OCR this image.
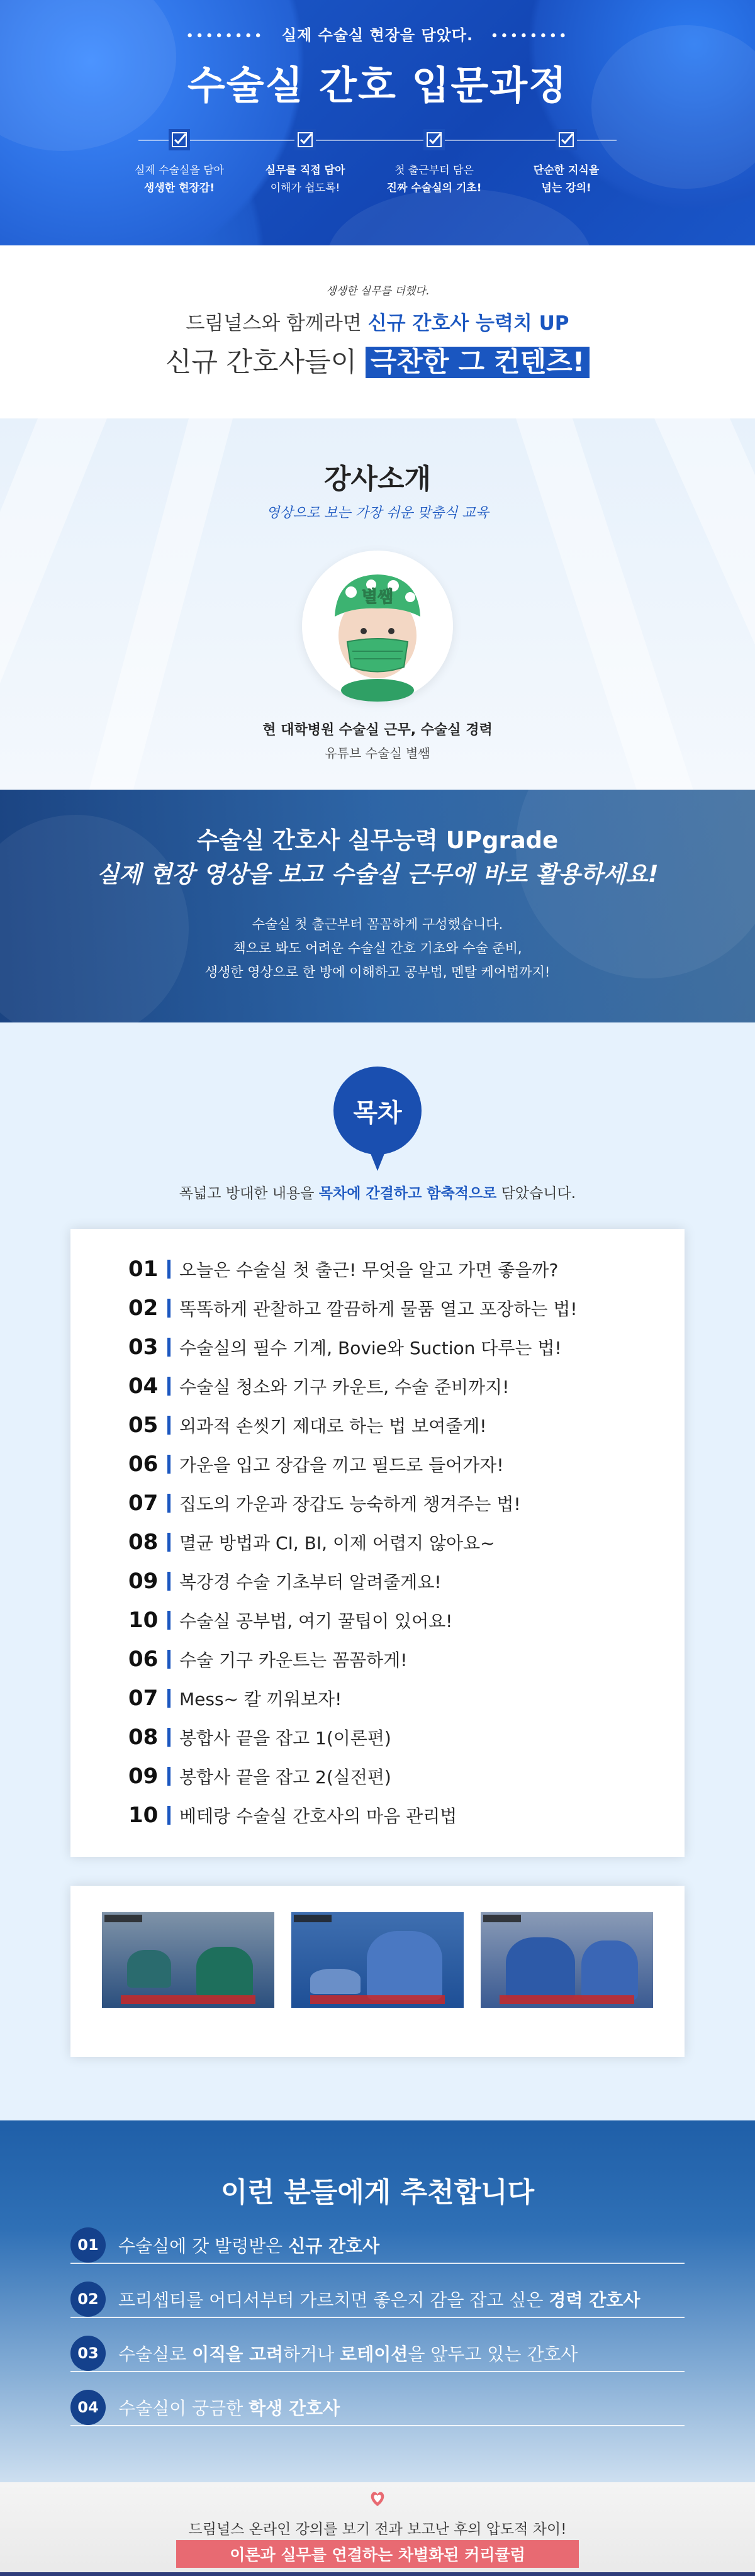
•••••••• 실제 수술실 현장을 담았다. ••••••••
수술실 간호 입문과정
실제 수술실을 담아
생생한 현장감!
실무를 직접 담아
이해가 쉽도록!
첫 출근부터 담은
진짜 수술실의 기초!
단순한 지식을
넘는 강의!
생생한 실무를 더했다.
드림널스와 함께라면 신규 간호사 능력치 UP
신규 간호사들이 극찬한 그 컨텐츠!
강사소개
영상으로 보는 가장 쉬운 맞춤식 교육
별쌤
현 대학병원 수술실 근무, 수술실 경력
유튜브 수술실 별쌤
수술실 간호사 실무능력 UPgrade
실제 현장 영상을 보고 수술실 근무에 바로 활용하세요!
수술실 첫 출근부터 꼼꼼하게 구성했습니다.
책으로 봐도 어려운 수술실 간호 기초와 수술 준비,
생생한 영상으로 한 방에 이해하고 공부법, 멘탈 케어법까지!
목차
폭넓고 방대한 내용을 목차에 간결하고 함축적으로 담았습니다.
01	오늘은 수술실 첫 출근! 무엇을 알고 가면 좋을까?
02	똑똑하게 관찰하고 깔끔하게 물품 열고 포장하는 법!
03	수술실의 필수 기계, Bovie와 Suction 다루는 법!
04	수술실 청소와 기구 카운트, 수술 준비까지!
05	외과적 손씻기 제대로 하는 법 보여줄게!
06	가운을 입고 장갑을 끼고 필드로 들어가자!
07	집도의 가운과 장갑도 능숙하게 챙겨주는 법!
08	멸균 방법과 CI, BI, 이제 어렵지 않아요~
09	복강경 수술 기초부터 알려줄게요!
10	수술실 공부법, 여기 꿀팁이 있어요!
06	수술 기구 카운트는 꼼꼼하게!
07	Mess~ 칼 끼워보자!
08	봉합사 끝을 잡고 1(이론편)
09	봉합사 끝을 잡고 2(실전편)
10	베테랑 수술실 간호사의 마음 관리법
이런 분들에게 추천합니다
01	수술실에 갓 발령받은 신규 간호사
02	프리셉티를 어디서부터 가르치면 좋은지 감을 잡고 싶은 경력 간호사
03	수술실로 이직을 고려하거나 로테이션을 앞두고 있는 간호사
04	수술실이 궁금한 학생 간호사
드림널스 온라인 강의를 보기 전과 보고난 후의 압도적 차이!
이론과 실무를 연결하는 차별화된 커리큘럼
